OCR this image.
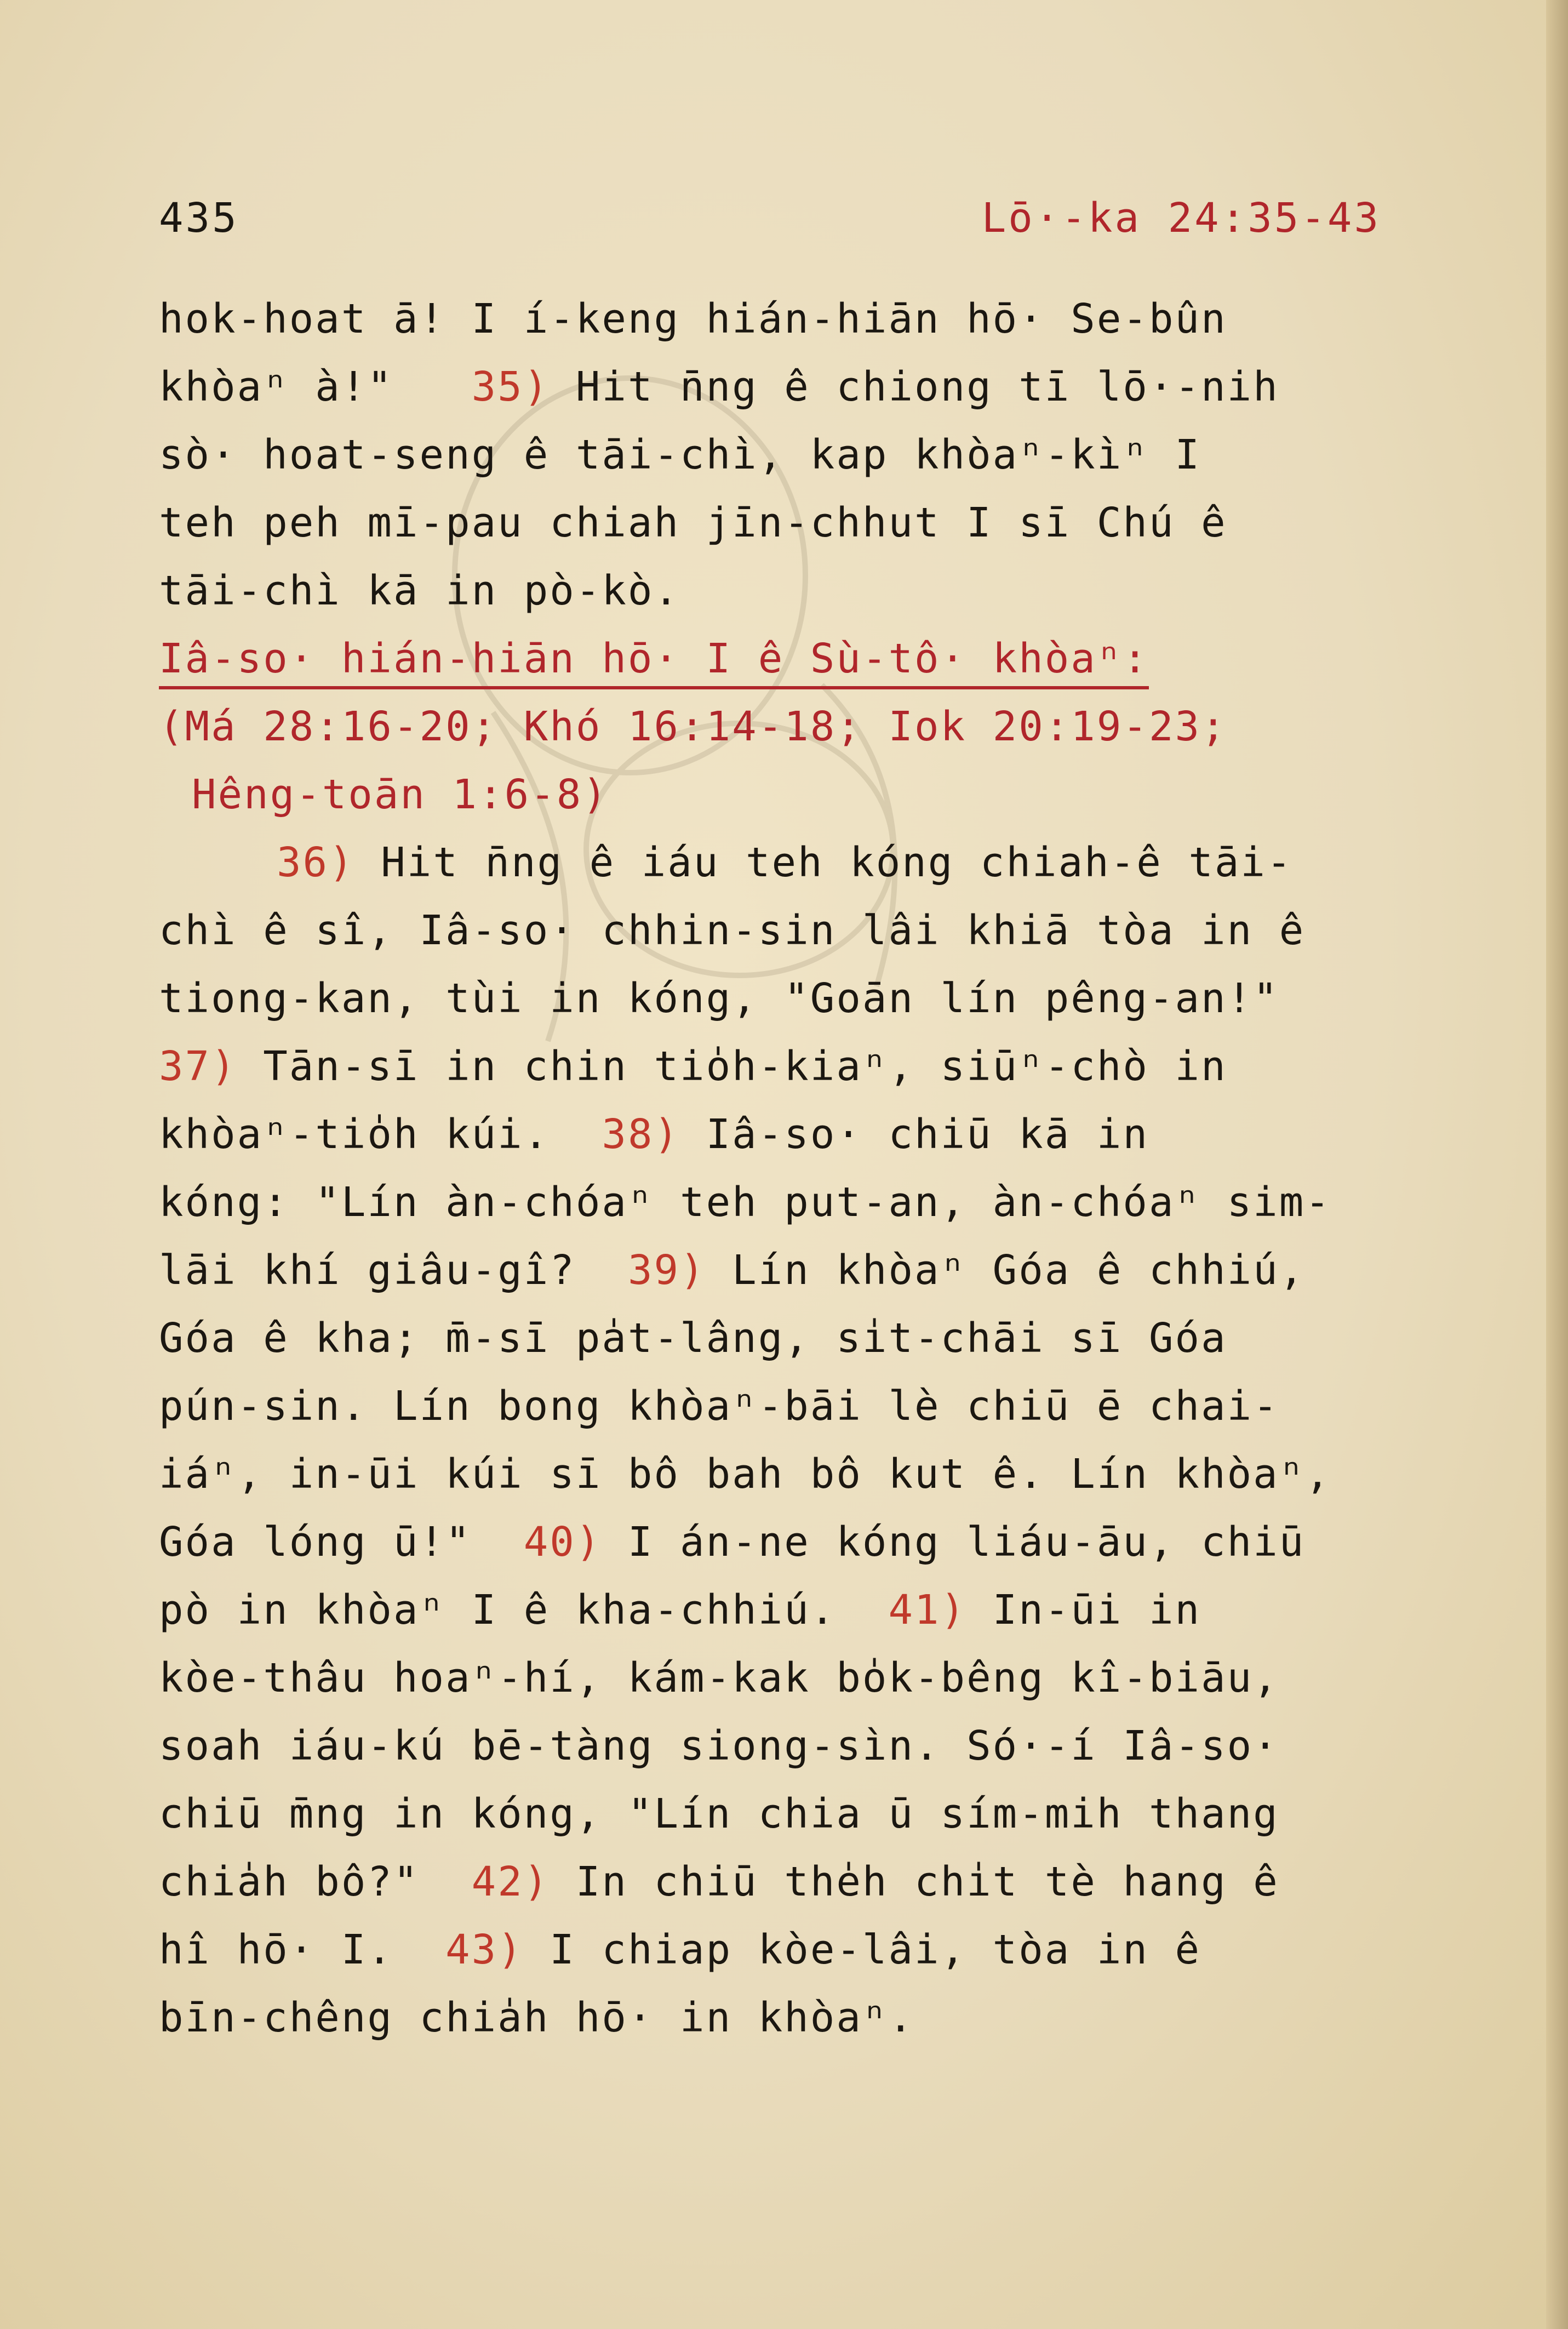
435	Lō·-ka 24:35-43
hok-hoat ā! I í-keng hián-hiān hō· Se-bûn
khòaⁿ à!" 35) Hit n̄ng ê chiong tī lō·-nih
sò· hoat-seng ê tāi-chì, kap khòaⁿ-kìⁿ I
teh peh mī-pau chiah jīn-chhut I sī Chú ê
tāi-chì kā in pò-kò.
Iâ-so· hián-hiān hō· I ê Sù-tô· khòaⁿ:
(Má 28:16-20; Khó 16:14-18; Iok 20:19-23;
Hêng-toān 1:6-8)
36) Hit n̄ng ê iáu teh kóng chiah-ê tāi-
chì ê sî, Iâ-so· chhin-sin lâi khiā tòa in ê
tiong-kan, tùi in kóng, "Goān lín pêng-an!"
37) Tān-sī in chin tio̍h-kiaⁿ, siūⁿ-chò in
khòaⁿ-tio̍h kúi. 38) Iâ-so· chiū kā in
kóng: "Lín àn-chóaⁿ teh put-an, àn-chóaⁿ sim-
lāi khí giâu-gî? 39) Lín khòaⁿ Góa ê chhiú,
Góa ê kha; m̄-sī pa̍t-lâng, si̍t-chāi sī Góa
pún-sin. Lín bong khòaⁿ-bāi lè chiū ē chai-
iáⁿ, in-ūi kúi sī bô bah bô kut ê. Lín khòaⁿ,
Góa lóng ū!" 40) I án-ne kóng liáu-āu, chiū
pò in khòaⁿ I ê kha-chhiú. 41) In-ūi in
kòe-thâu hoaⁿ-hí, kám-kak bo̍k-bêng kî-biāu,
soah iáu-kú bē-tàng siong-sìn. Só·-í Iâ-so·
chiū m̄ng in kóng, "Lín chia ū sím-mih thang
chia̍h bô?" 42) In chiū the̍h chi̍t tè hang ê
hî hō· I. 43) I chiap kòe-lâi, tòa in ê
bīn-chêng chia̍h hō· in khòaⁿ.
